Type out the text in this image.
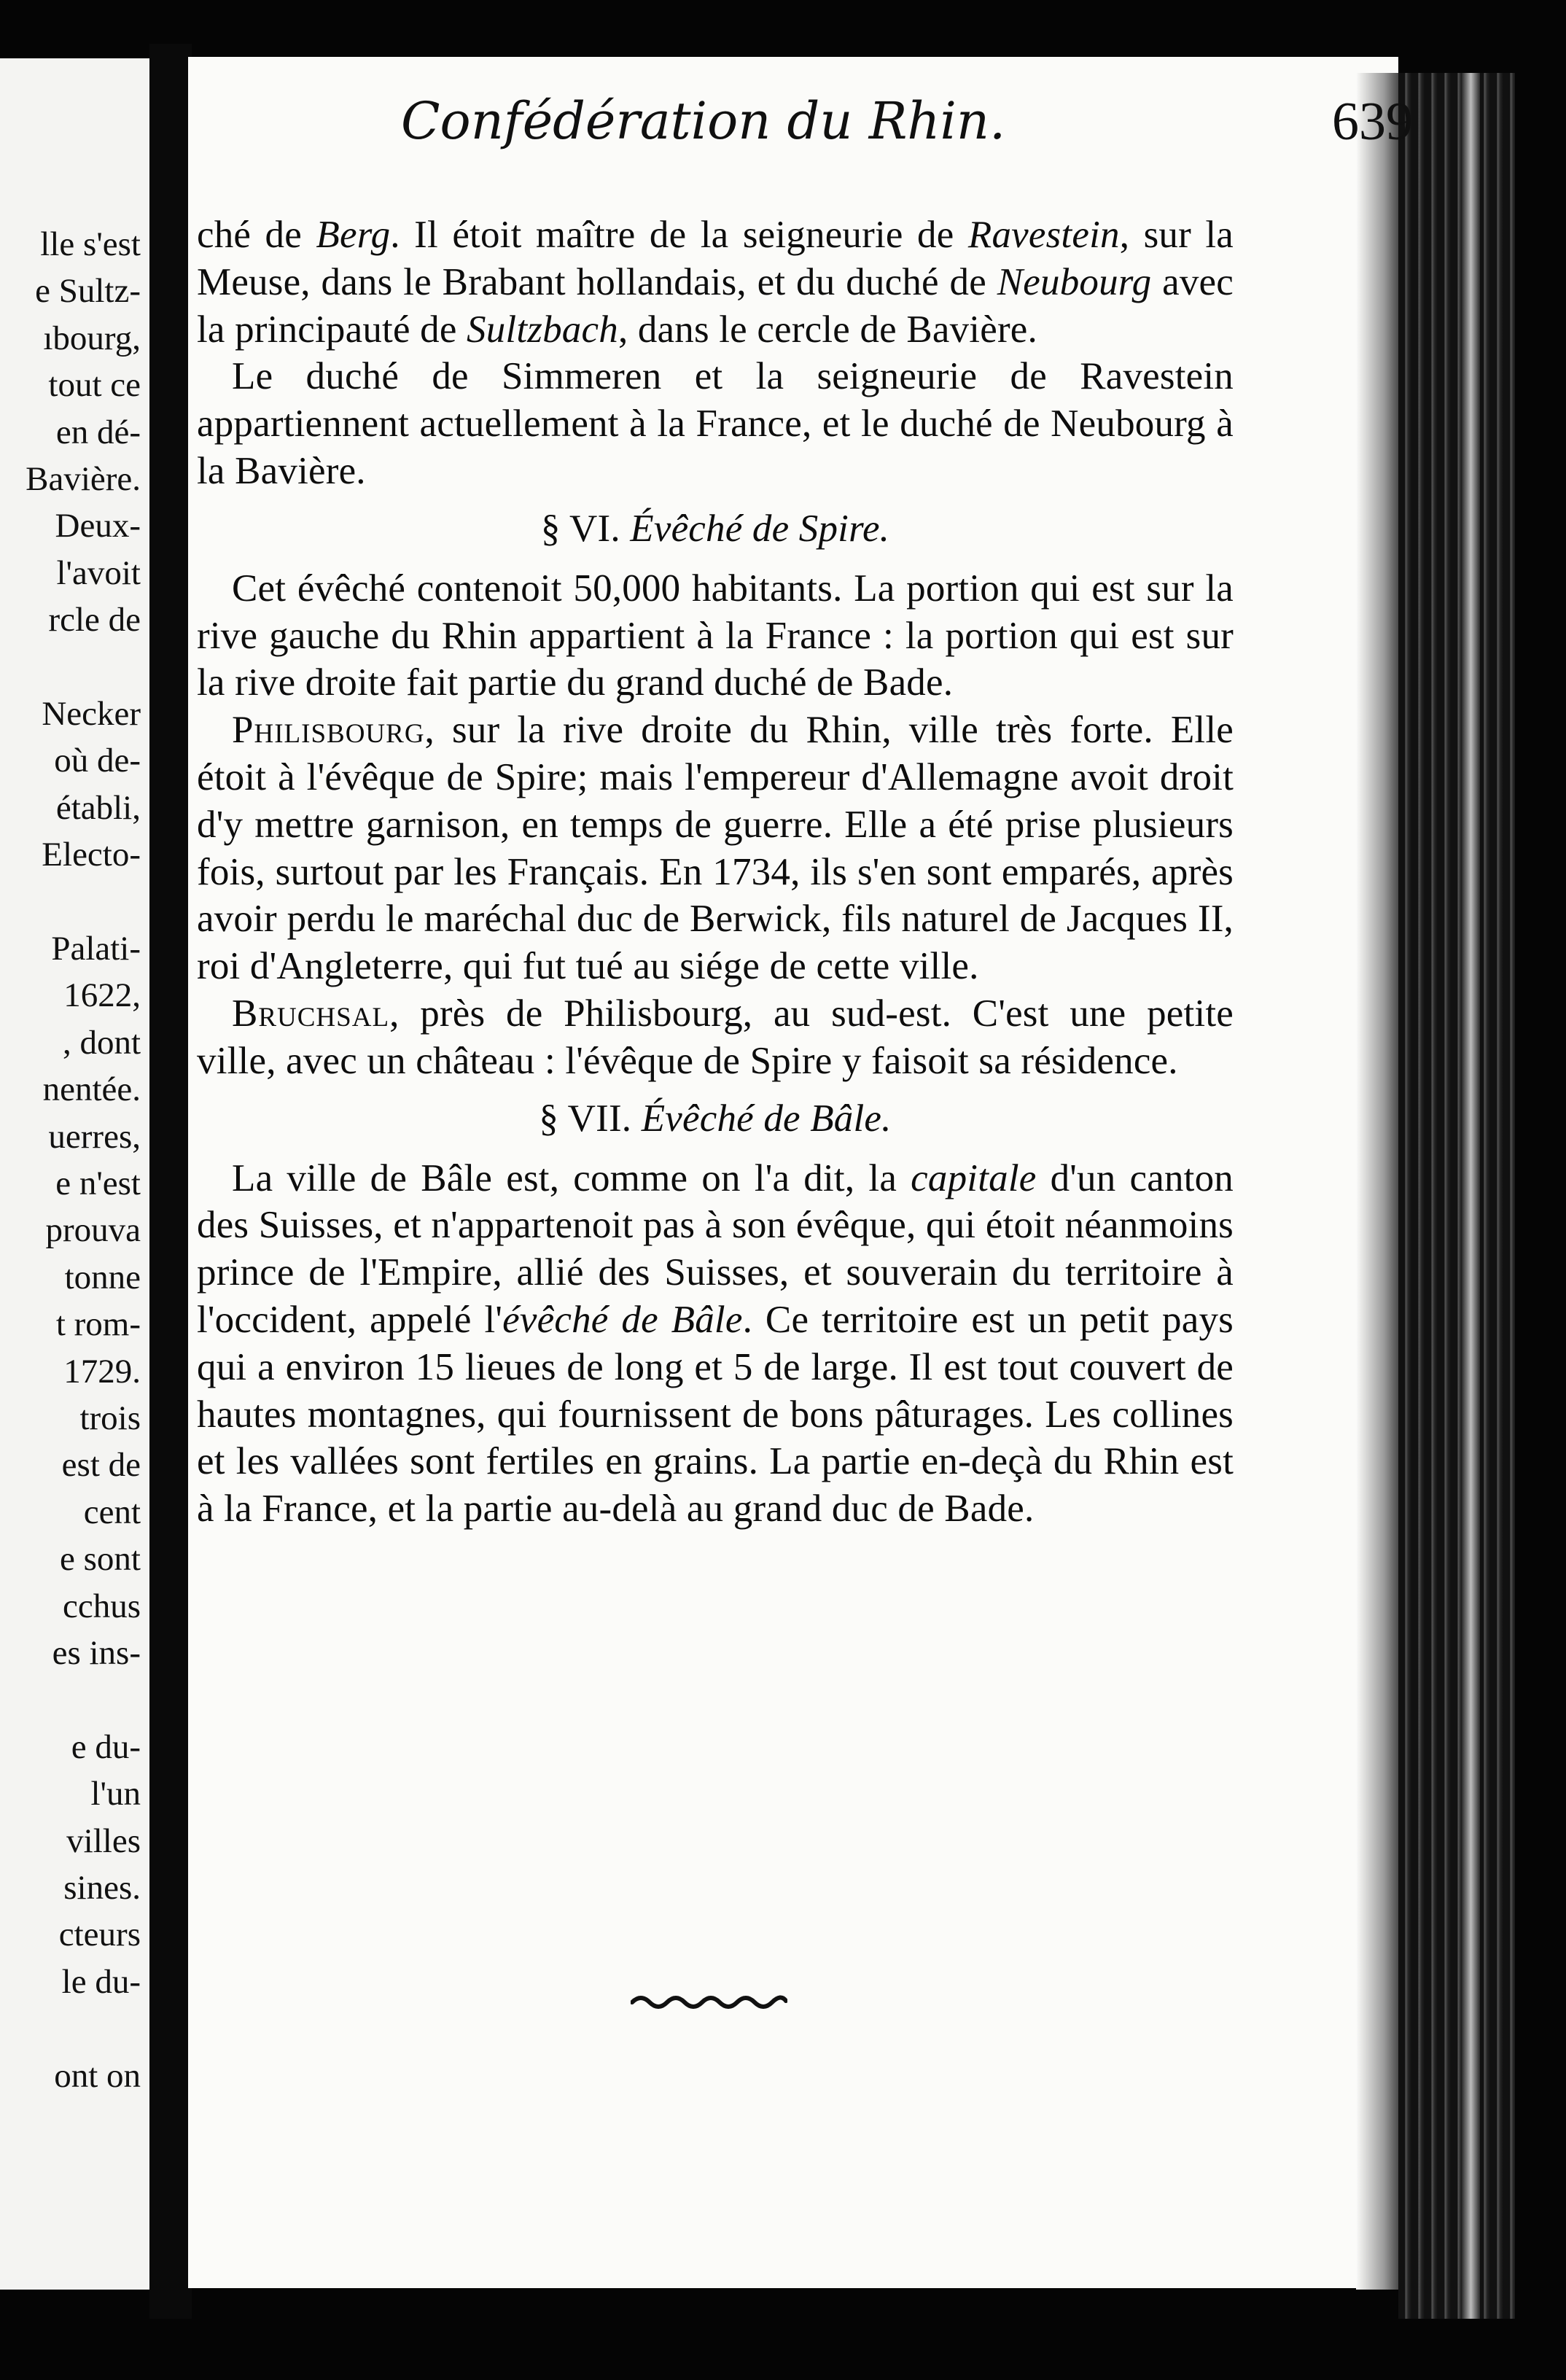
lle s'est
e Sultz-
ıbourg,
tout ce
en dé-
Bavière.
Deux-
l'avoit
rcle de
Necker
où de-
établi,
Electo-
Palati-
1622,
, dont
nentée.
uerres,
e n'est
prouva
tonne
t rom-
1729.
trois
est de
cent
e sont
cchus
es ins-
e du-
l'un
villes
sines.
cteurs
le du-
ont on
Confédération du Rhin.	639

ché de Berg. Il étoit maître de la seigneurie de Ravestein, sur la Meuse, dans le Brabant hollandais, et du duché de Neubourg avec la principauté de Sultzbach, dans le cercle de Bavière.

Le duché de Simmeren et la seigneurie de Ravestein appartiennent actuellement à la France, et le duché de Neubourg à la Bavière.

§ VI. Évêché de Spire.

Cet évêché contenoit 50,000 habitants. La portion qui est sur la rive gauche du Rhin appartient à la France : la portion qui est sur la rive droite fait partie du grand duché de Bade.

Philisbourg, sur la rive droite du Rhin, ville très forte. Elle étoit à l'évêque de Spire; mais l'empereur d'Allemagne avoit droit d'y mettre garnison, en temps de guerre. Elle a été prise plusieurs fois, surtout par les Français. En 1734, ils s'en sont emparés, après avoir perdu le maréchal duc de Berwick, fils naturel de Jacques II, roi d'Angleterre, qui fut tué au siége de cette ville.

Bruchsal, près de Philisbourg, au sud-est. C'est une petite ville, avec un château : l'évêque de Spire y faisoit sa résidence.

§ VII. Évêché de Bâle.

La ville de Bâle est, comme on l'a dit, la capitale d'un canton des Suisses, et n'appartenoit pas à son évêque, qui étoit néanmoins prince de l'Empire, allié des Suisses, et souverain du territoire à l'occident, appelé l'évêché de Bâle. Ce territoire est un petit pays qui a environ 15 lieues de long et 5 de large. Il est tout couvert de hautes montagnes, qui fournissent de bons pâturages. Les collines et les vallées sont fertiles en grains. La partie en-deçà du Rhin est à la France, et la partie au-delà au grand duc de Bade.
